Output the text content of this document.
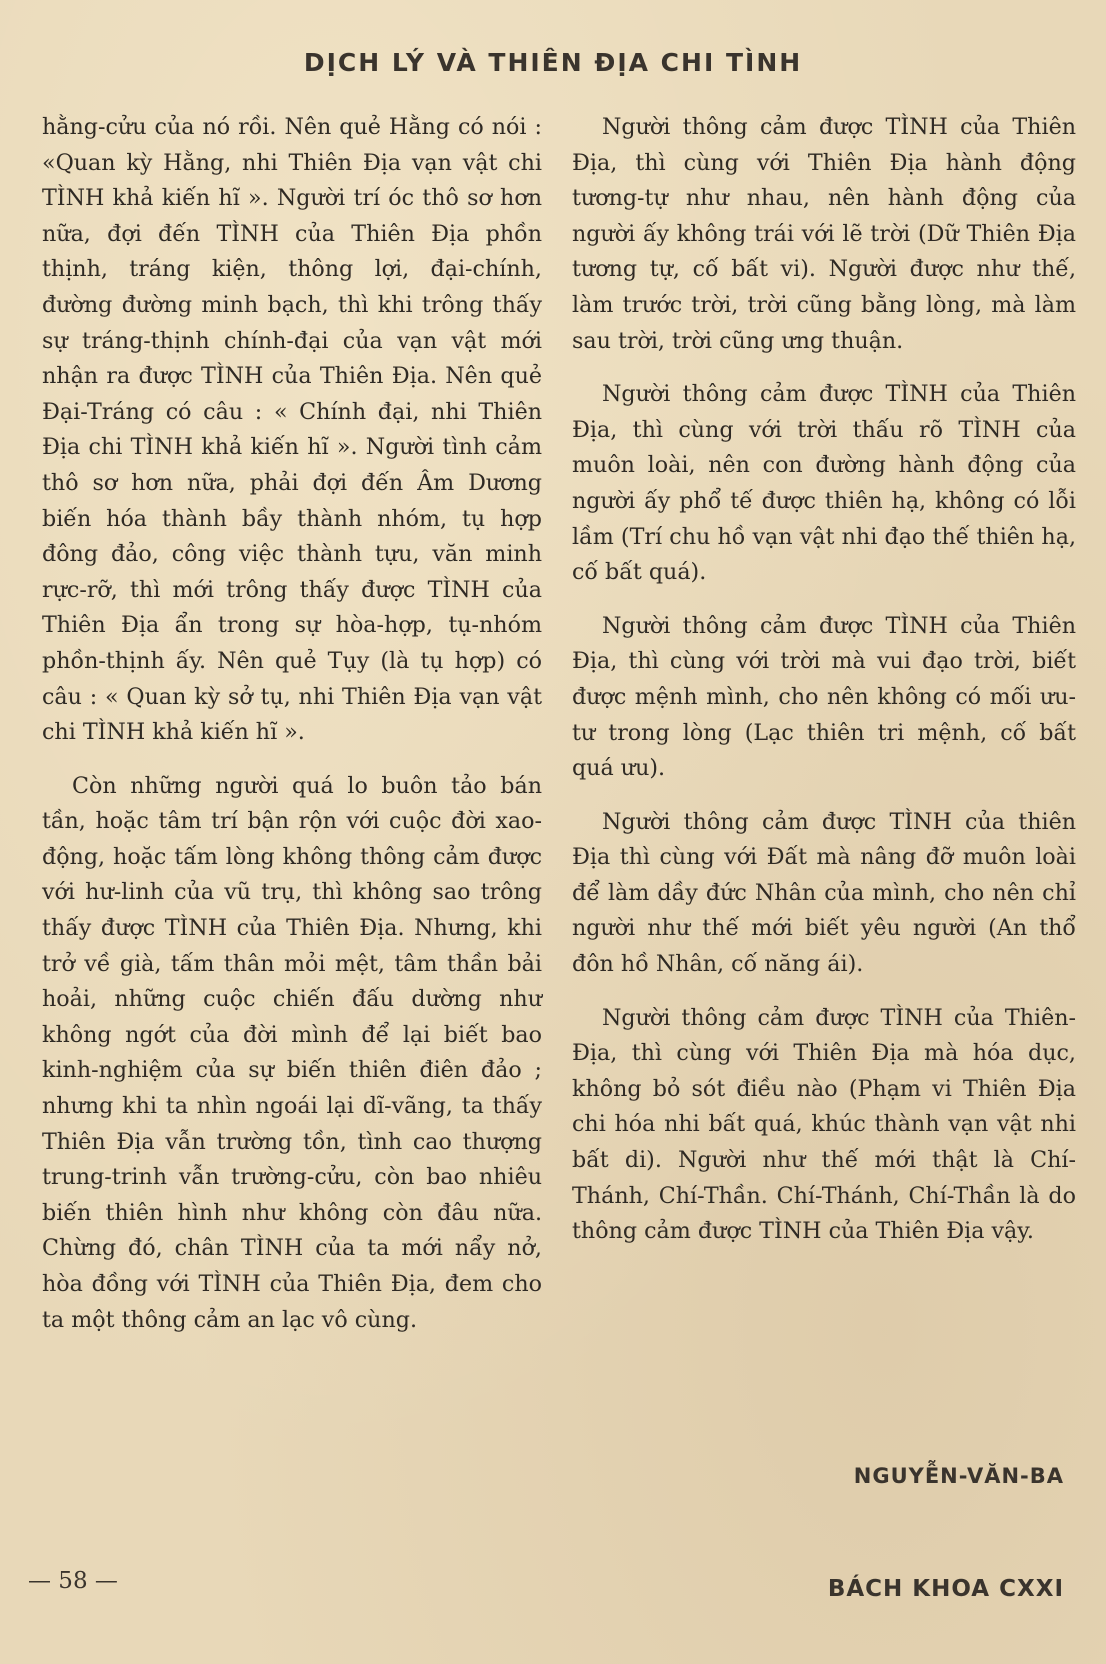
DỊCH LÝ VÀ THIÊN ĐỊA CHI TÌNH

hằng-cửu của nó rồi. Nên quẻ Hằng có nói : «Quan kỳ Hằng, nhi Thiên Địa vạn vật chi TÌNH khả kiến hĩ ». Người trí óc thô sơ hơn nữa, đợi đến TÌNH của Thiên Địa phồn thịnh, tráng kiện, thông lợi, đại-chính, đường đường minh bạch, thì khi trông thấy sự tráng-thịnh chính-đại của vạn vật mới nhận ra được TÌNH của Thiên Địa. Nên quẻ Đại-Tráng có câu : « Chính đại, nhi Thiên Địa chi TÌNH khả kiến hĩ ». Người tình cảm thô sơ hơn nữa, phải đợi đến Âm Dương biến hóa thành bầy thành nhóm, tụ hợp đông đảo, công việc thành tựu, văn minh rực-rỡ, thì mới trông thấy được TÌNH của Thiên Địa ẩn trong sự hòa-hợp, tụ-nhóm phồn-thịnh ấy. Nên quẻ Tụy (là tụ hợp) có câu : « Quan kỳ sở tụ, nhi Thiên Địa vạn vật chi TÌNH khả kiến hĩ ».

Còn những người quá lo buôn tảo bán tần, hoặc tâm trí bận rộn với cuộc đời xao-động, hoặc tấm lòng không thông cảm được với hư-linh của vũ trụ, thì không sao trông thấy được TÌNH của Thiên Địa. Nhưng, khi trở về già, tấm thân mỏi mệt, tâm thần bải hoải, những cuộc chiến đấu dường như không ngớt của đời mình để lại biết bao kinh-nghiệm của sự biến thiên điên đảo ; nhưng khi ta nhìn ngoái lại dĩ-vãng, ta thấy Thiên Địa vẫn trường tồn, tình cao thượng trung-trinh vẫn trường-cửu, còn bao nhiêu biến thiên hình như không còn đâu nữa. Chừng đó, chân TÌNH của ta mới nẩy nở, hòa đồng với TÌNH của Thiên Địa, đem cho ta một thông cảm an lạc vô cùng.

Người thông cảm được TÌNH của Thiên Địa, thì cùng với Thiên Địa hành động tương-tự như nhau, nên hành động của người ấy không trái với lẽ trời (Dữ Thiên Địa tương tự, cố bất vi). Người được như thế, làm trước trời, trời cũng bằng lòng, mà làm sau trời, trời cũng ưng thuận.

Người thông cảm được TÌNH của Thiên Địa, thì cùng với trời thấu rõ TÌNH của muôn loài, nên con đường hành động của người ấy phổ tế được thiên hạ, không có lỗi lầm (Trí chu hồ vạn vật nhi đạo thế thiên hạ, cố bất quá).

Người thông cảm được TÌNH của Thiên Địa, thì cùng với trời mà vui đạo trời, biết được mệnh mình, cho nên không có mối ưu-tư trong lòng (Lạc thiên tri mệnh, cố bất quá ưu).

Người thông cảm được TÌNH của thiên Địa thì cùng với Đất mà nâng đỡ muôn loài để làm dầy đức Nhân của mình, cho nên chỉ người như thế mới biết yêu người (An thổ đôn hồ Nhân, cố năng ái).

Người thông cảm được TÌNH của Thiên-Địa, thì cùng với Thiên Địa mà hóa dục, không bỏ sót điều nào (Phạm vi Thiên Địa chi hóa nhi bất quá, khúc thành vạn vật nhi bất di). Người như thế mới thật là Chí-Thánh, Chí-Thần. Chí-Thánh, Chí-Thần là do thông cảm được TÌNH của Thiên Địa vậy.

NGUYỄN-VĂN-BA
— 58 —	BÁCH KHOA CXXI
